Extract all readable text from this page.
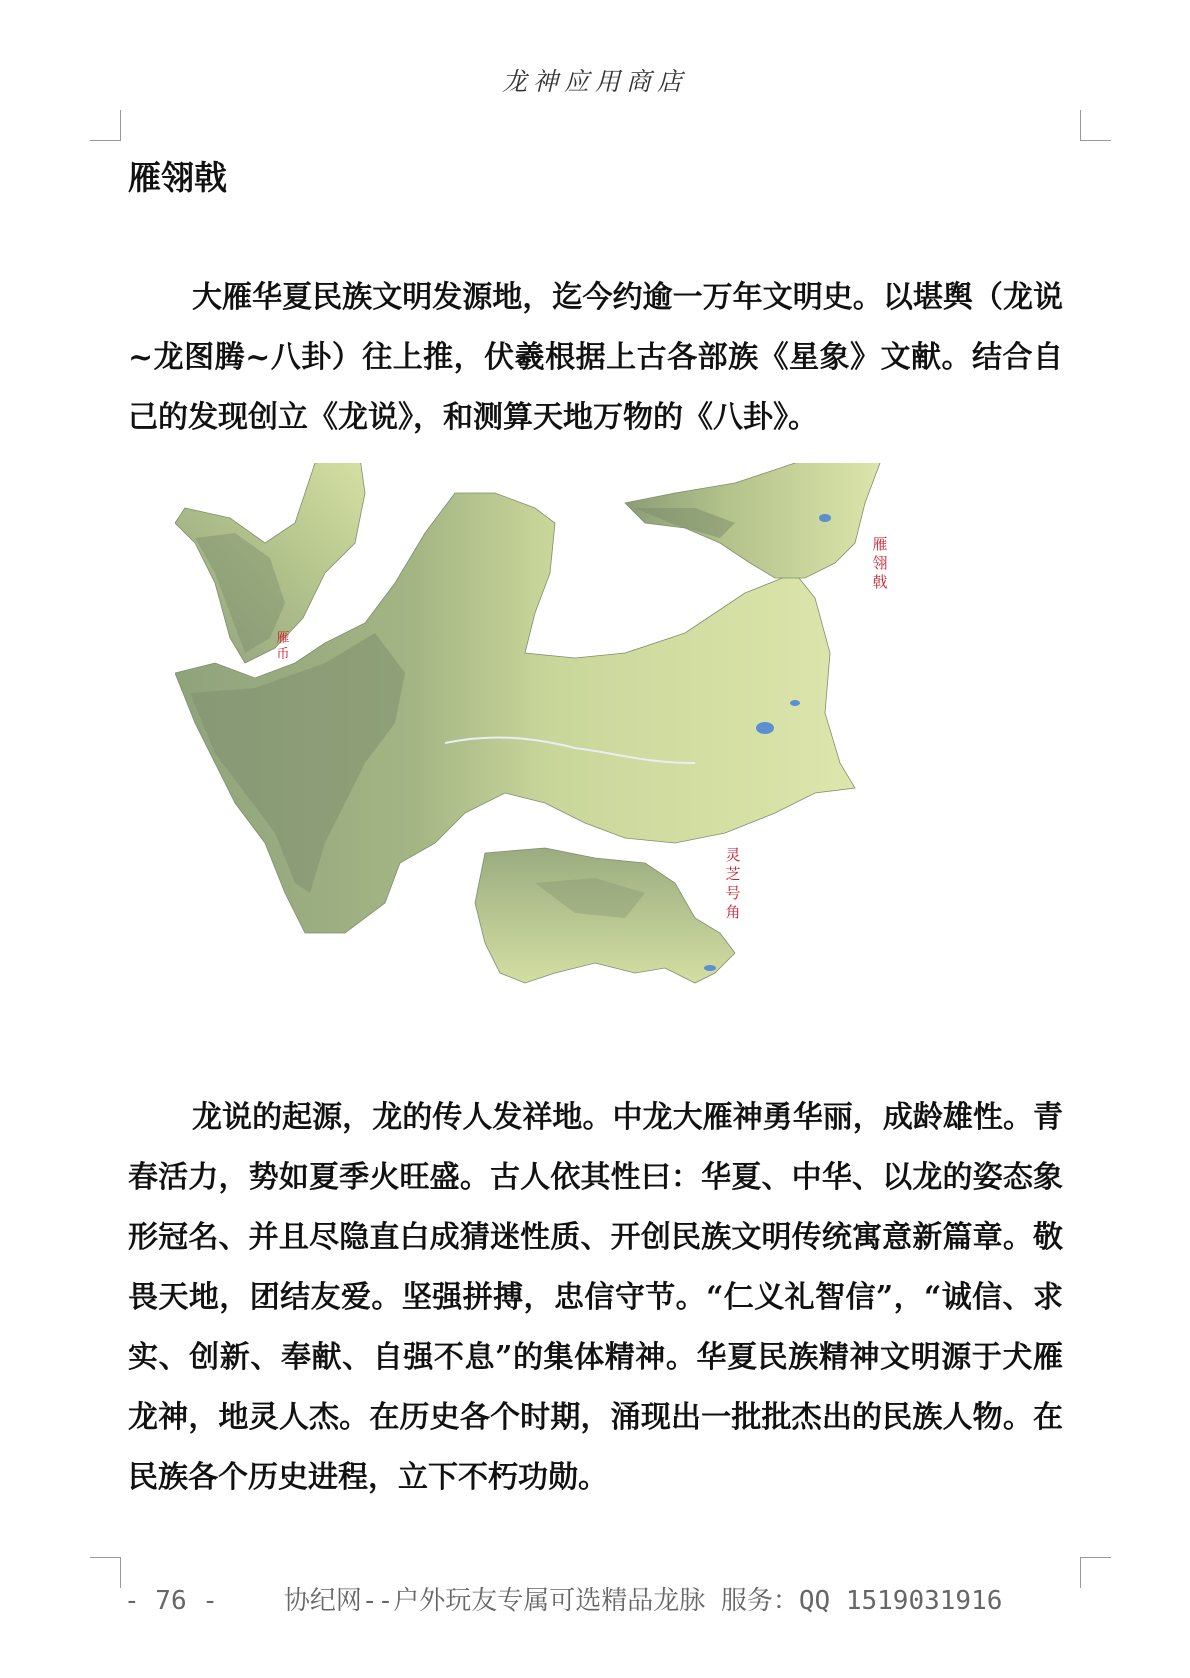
龙神应用商店
雁翎戟

大雁华夏民族文明发源地，迄今约逾一万年文明史。以堪舆（龙说~龙图腾~八卦）往上推，伏羲根据上古各部族《星象》文献。结合自己的发现创立《龙说》，和测算天地万物的《八卦》。

雁币
雁翎戟
灵芝号角

龙说的起源，龙的传人发祥地。中龙大雁神勇华丽，成龄雄性。青春活力，势如夏季火旺盛。古人依其性曰：华夏、中华、以龙的姿态象形冠名、并且尽隐直白成猜迷性质、开创民族文明传统寓意新篇章。敬畏天地，团结友爱。坚强拼搏，忠信守节。“仁义礼智信”，“诚信、求实、创新、奉献、自强不息”的集体精神。华夏民族精神文明源于犬雁龙神，地灵人杰。在历史各个时期，涌现出一批批杰出的民族人物。在民族各个历史进程，立下不朽功勋。

- 76 -	协纪网--户外玩友专属可选精品龙脉 服务：QQ 1519031916
